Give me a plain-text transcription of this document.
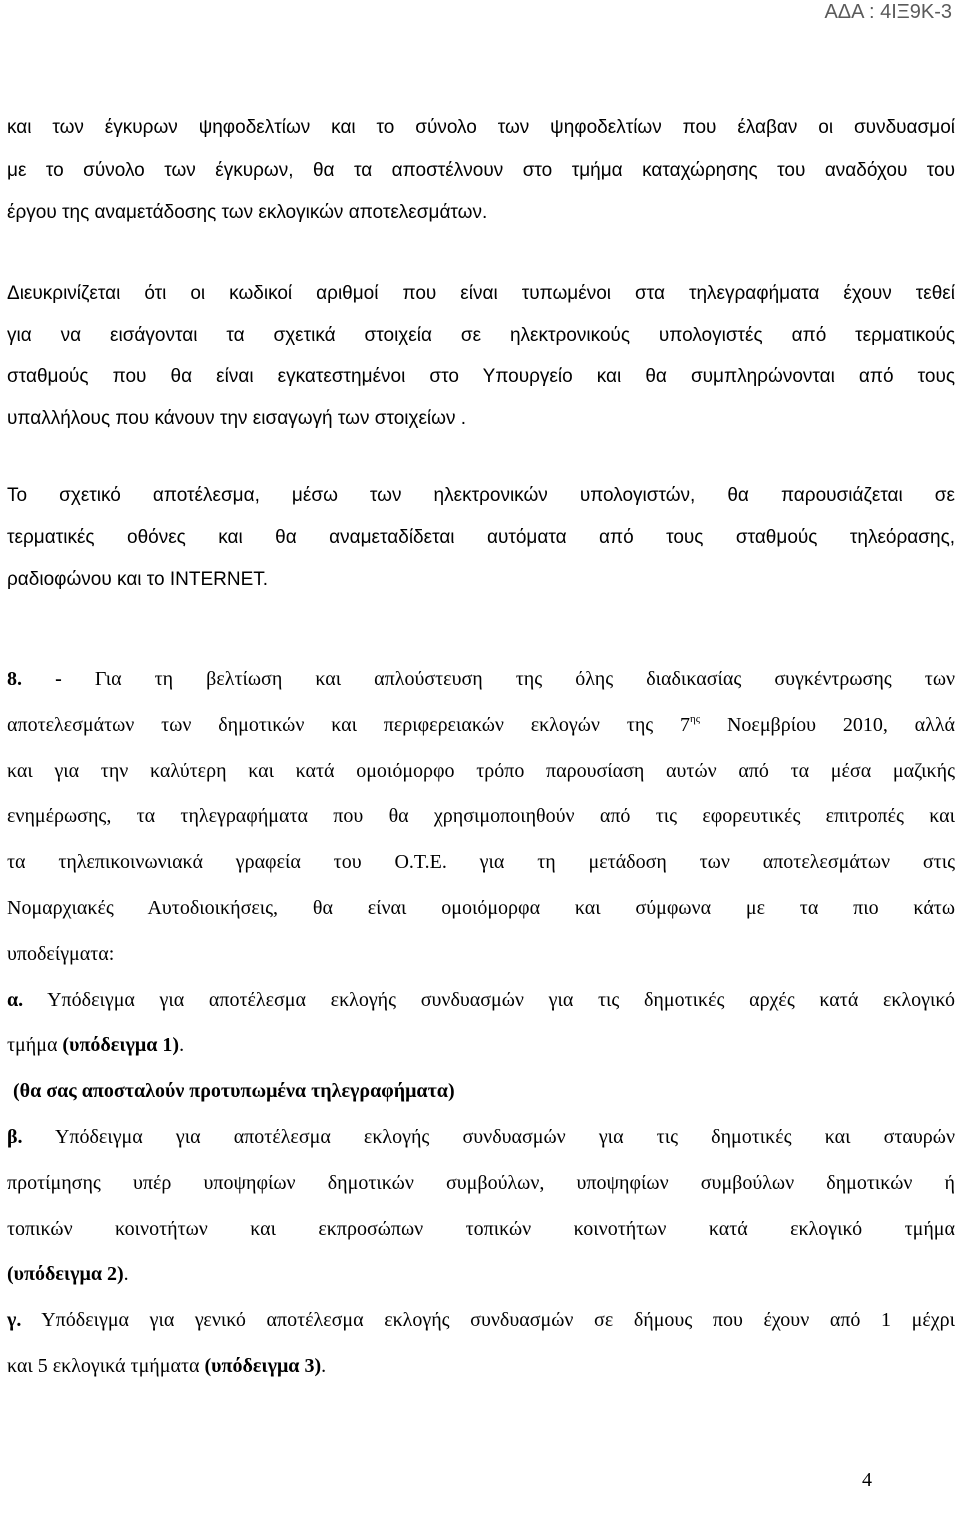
ΑΔΑ : 4ΙΞ9Κ-3
και των έγκυρων ψηφοδελτίων και το σύνολο των ψηφοδελτίων που έλαβαν οι συνδυασμοί
με το σύνολο των έγκυρων, θα τα αποστέλνουν στο τμήμα καταχώρησης του αναδόχου του
έργου της αναμετάδοσης των εκλογικών αποτελεσμάτων.
Διευκρινίζεται ότι οι κωδικοί αριθμοί που είναι τυπωμένοι στα τηλεγραφήματα έχουν τεθεί
για να εισάγονται τα σχετικά στοιχεία σε ηλεκτρονικούς υπολογιστές από τερματικούς
σταθμούς που θα είναι εγκατεστημένοι στο Υπουργείο και θα συμπληρώνονται από τους
υπαλλήλους που κάνουν την εισαγωγή των στοιχείων .
Το σχετικό αποτέλεσμα, μέσω των ηλεκτρονικών υπολογιστών, θα παρουσιάζεται σε
τερματικές οθόνες και θα αναμεταδίδεται αυτόματα από τους σταθμούς τηλεόρασης,
ραδιοφώνου και το INTERNET.
8. - Για τη βελτίωση και απλούστευση της όλης διαδικασίας συγκέντρωσης των
αποτελεσμάτων των δημοτικών και περιφερειακών εκλογών της $7^{\eta\varsigma}$ Νοεμβρίου 2010, αλλά
και για την καλύτερη και κατά ομοιόμορφο τρόπο παρουσίαση αυτών από τα μέσα μαζικής
ενημέρωσης, τα τηλεγραφήματα που θα χρησιμοποιηθούν από τις εφορευτικές επιτροπές και
τα τηλεπικοινωνιακά γραφεία του Ο.Τ.Ε. για τη μετάδοση των αποτελεσμάτων στις
Νομαρχιακές Αυτοδιοικήσεις, θα είναι ομοιόμορφα και σύμφωνα με τα πιο κάτω
υποδείγματα:
α. Υπόδειγμα για αποτέλεσμα εκλογής συνδυασμών για τις δημοτικές αρχές κατά εκλογικό
τμήμα (υπόδειγμα 1).
(θα σας αποσταλούν προτυπωμένα τηλεγραφήματα)
β. Υπόδειγμα για αποτέλεσμα εκλογής συνδυασμών για τις δημοτικές και σταυρών
προτίμησης υπέρ υποψηφίων δημοτικών συμβούλων, υποψηφίων συμβούλων δημοτικών ή
τοπικών κοινοτήτων και εκπροσώπων τοπικών κοινοτήτων κατά εκλογικό τμήμα
(υπόδειγμα 2).
γ. Υπόδειγμα για γενικό αποτέλεσμα εκλογής συνδυασμών σε δήμους που έχουν από 1 μέχρι
και 5 εκλογικά τμήματα (υπόδειγμα 3).
4
